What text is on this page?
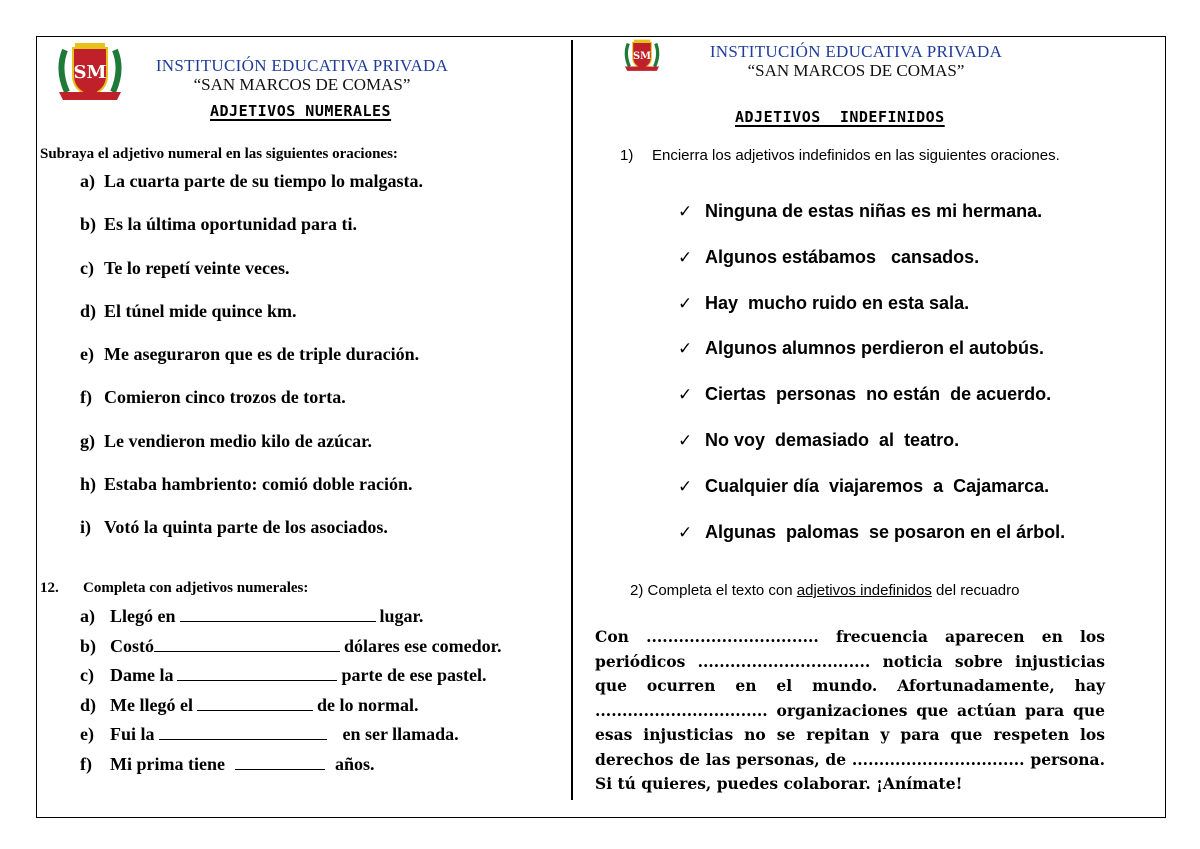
SM	INSTITUCIÓN EDUCATIVA PRIVADA
“SAN MARCOS DE COMAS”
ADJETIVOS NUMERALES
Subraya el adjetivo numeral en las siguientes oraciones:
a) La cuarta parte de su tiempo lo malgasta.
b) Es la última oportunidad para ti.
c) Te lo repetí veinte veces.
d) El túnel mide quince km.
e) Me aseguraron que es de triple duración.
f) Comieron cinco trozos de torta.
g) Le vendieron medio kilo de azúcar.
h) Estaba hambriento: comió doble ración.
i) Votó la quinta parte de los asociados.
12. Completa con adjetivos numerales:
a) Llegó en	lugar.
b) Costó	dólares ese comedor.
c) Dame la	parte de ese pastel.
d) Me llegó el	de lo normal.
e) Fui la	en ser llamada.
f) Mi prima tiene	años.
SM	INSTITUCIÓN EDUCATIVA PRIVADA
“SAN MARCOS DE COMAS”
ADJETIVOS  INDEFINIDOS
1)	Encierra los adjetivos indefinidos en las siguientes oraciones.
✓ Ninguna de estas niñas es mi hermana.
✓ Algunos estábamos   cansados.
✓ Hay  mucho ruido en esta sala.
✓ Algunos alumnos perdieron el autobús.
✓ Ciertas  personas  no están  de acuerdo.
✓ No voy  demasiado  al  teatro.
✓ Cualquier día  viajaremos  a  Cajamarca.
✓ Algunas  palomas  se posaron en el árbol.
2) Completa el texto con adjetivos indefinidos del recuadro
Con ................................ frecuencia aparecen en los
periódicos ................................ noticia sobre injusticias
que ocurren en el mundo. Afortunadamente, hay
................................ organizaciones que actúan para que
esas injusticias no se repitan y para que respeten los
derechos de las personas, de ................................ persona.
Si tú quieres, puedes colaborar. ¡Anímate!
